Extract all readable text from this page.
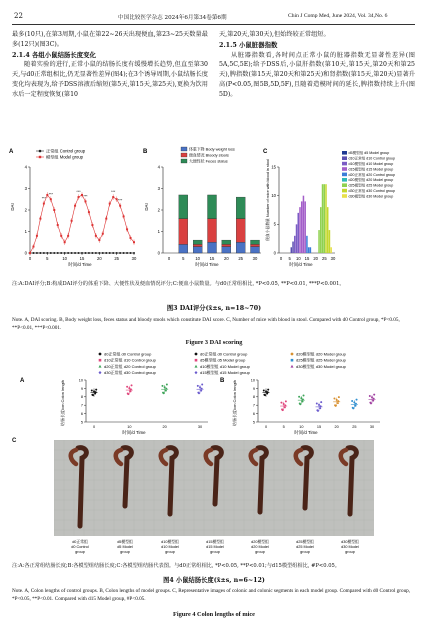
22	中国比较医学杂志 2024年6月第34卷第6期	Chin J Comp Med, June 2024, Vol. 34,No. 6
最多(10只),在第3周期,小鼠在第22~26天出现便血,第23~25天数量最多(12只)(图3C)。
2.1.4 各组小鼠结肠长度变化
随着实验的进行,正常小鼠的结肠长度有缓慢增长趋势,但直至第30天,与d0正常组相比,仍无显著性差异(图4);在3个诱导周期,小鼠结肠长度变化均表现为,给予DSS溶液后缩短(第5天,第15天,第25天),更换为饮用水后一定程度恢复(第10
天,第20天,第30天),但始终较正常组短。
2.1.5 小鼠脏器指数
从脏器指数看,各时间点正常小鼠的脏器指数无显著性差异(图5A,5C,5E);给予DSS后,小鼠肝指数(第10天,第15天,第20天和第25天),脾指数(第15天,第20天和第25天)和肾指数(第15天,第20天)显著升高(P<0.05,图5B,5D,5F),且随着造模时间的延长,脾指数持续上升(图5D)。
A
DAI
时间/d Time
正常组 Control group
模型组 Model group
0
1
2
3
4
0	5	10	15	20	25	30
***
***
***
***
***
***
B
DAI
时间/d Time
体重下降 Body weight loss
便血情况 Bloody stools
大便性状 Feces status
0
1
2
3
4
0	5	10 15 20 25 30
C
便血小鼠数量 Number of mice with blood in stool
时间/d Time
d5模型组 d5 Model group
d10正常组 d10 Control group
d10模型组 d10 Model group
d15模型组 d15 Model group
d20正常组 d20 Control group
d20模型组 d20 Model group
d25模型组 d25 Model group
d30正常组 d30 Control group
d30模型组 d30 Model group
0
5
10
15
0 5 10 15 20 25 30
注:A:DAI评分;B:构成DAI评分的体重下降、大便性状及便血情况评分;C:便血小鼠数量。与d0正常组相比, *P<0.05, **P<0.01, ***P<0.001。
图3 DAI评分(x̄±s, n=18~70)
Note. A, DAI scoring. B, Body weight loss, feces status and bloody stools which constitute DAI score. C, Number of mice with blood in stool. Compared with d0 Control group, *P<0.05, **P<0.01, ***P<0.001.
Figure 3 DAI scoring
d0正常组 d0 Control group
d10正常组 d10 Control group
d20正常组 d20 Control group
d30正常组 d30 Control group
d0正常组 d0 Control group
d5模型组 d5 Model group
d10模型组 d10 Model group
d15模型组 d15 Model group
d20模型组 d20 Model group
d25模型组 d25 Model group
d30模型组 d30 Model group
A	结肠长度/cm Colon length
时间/d Time
5
6
7
8
9
10
0	10	20	30
B 结肠长度/cm Colon length
时间/d Time
5
6
7
8
9
10
0	5	10	15	20	25	30
C
d0正常组
d0 Control
group
d5模型组
d5 Model
group
d10模型组
d10 Model
group
d15模型组
d15 Model
group
d20模型组
d20 Model
group
d25模型组
d25 Model
group
d30模型组
d30 Model
group
注:A:各正常组结肠长度;B:各模型组结肠长度;C:各模型组结肠代表图。与d0正常组相比, *P<0.05, **P<0.01;与d15模型组相比, #P<0.05。
图4 小鼠结肠长度(x̄±s, n=6~12)
Note. A, Colon lengths of control groups. B, Colon lengths of model groups. C, Representative images of colonic and colonic segments in each model group. Compared with d0 Control group, *P<0.05, **P<0.01. Compared with d15 Model group, #P<0.05.
Figure 4 Colon lengths of mice
